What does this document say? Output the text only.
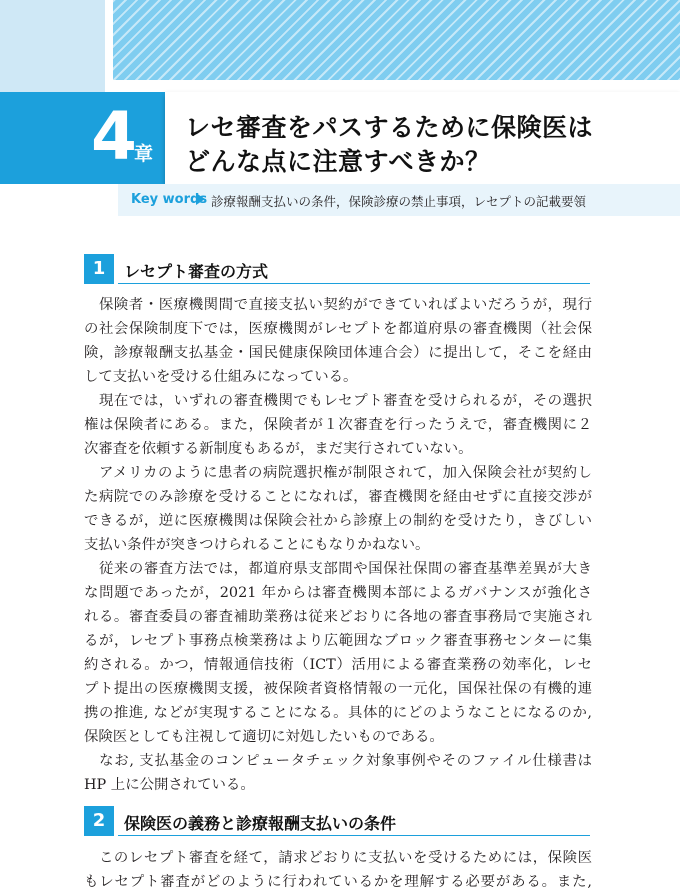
4
章
レセ審査をパスするために保険医は
どんな点に注意すべきか？
Key words 診療報酬支払いの条件，保険診療の禁止事項，レセプトの記載要領
1	レセプト審査の方式
　保険者・医療機関間で直接支払い契約ができていればよいだろうが，現行
の社会保険制度下では，医療機関がレセプトを都道府県の審査機関（社会保
険，診療報酬支払基金・国民健康保険団体連合会）に提出して，そこを経由
して支払いを受ける仕組みになっている。
　現在では，いずれの審査機関でもレセプト審査を受けられるが，その選択
権は保険者にある。また，保険者が１次審査を行ったうえで，審査機関に２
次審査を依頼する新制度もあるが，まだ実行されていない。
　アメリカのように患者の病院選択権が制限されて，加入保険会社が契約し
た病院でのみ診療を受けることになれば，審査機関を経由せずに直接交渉が
できるが，逆に医療機関は保険会社から診療上の制約を受けたり，きびしい
支払い条件が突きつけられることにもなりかねない。
　従来の審査方法では，都道府県支部間や国保社保間の審査基準差異が大き
な問題であったが，2021 年からは審査機関本部によるガバナンスが強化さ
れる。審査委員の審査補助業務は従来どおりに各地の審査事務局で実施され
るが，レセプト事務点検業務はより広範囲なブロック審査事務センターに集
約される。かつ，情報通信技術（ICT）活用による審査業務の効率化，レセ
プト提出の医療機関支援，被保険者資格情報の一元化，国保社保の有機的連
携の推進, などが実現することになる。具体的にどのようなことになるのか,
保険医としても注視して適切に対処したいものである。
　なお, 支払基金のコンピュータチェック対象事例やそのファイル仕様書は
HP 上に公開されている。
2	保険医の義務と診療報酬支払いの条件
　このレセプト審査を経て，請求どおりに支払いを受けるためには，保険医
もレセプト審査がどのように行われているかを理解する必要がある。また,
